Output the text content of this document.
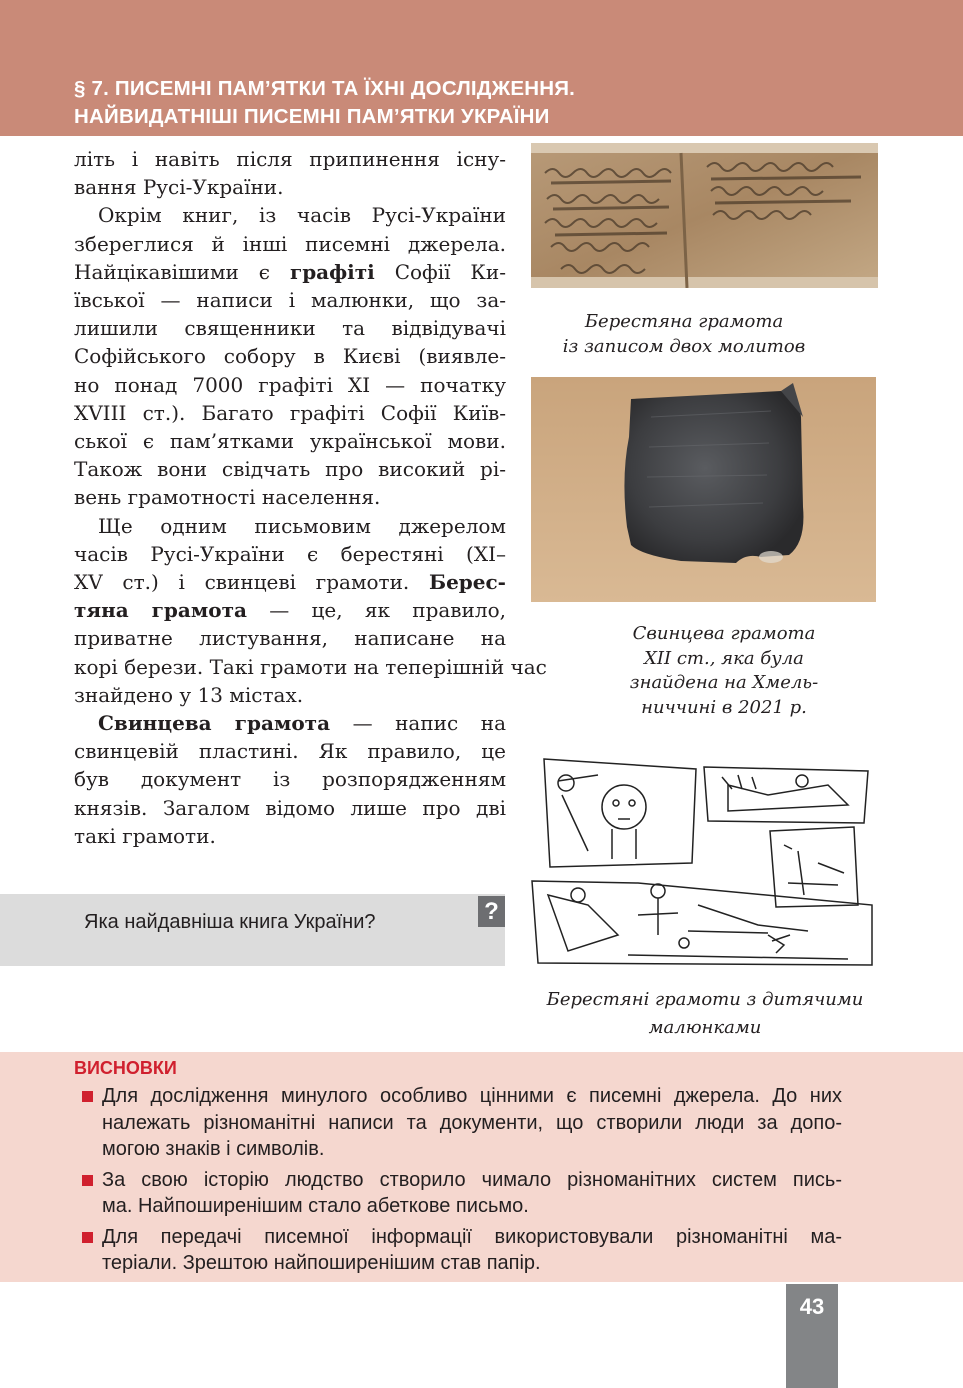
§ 7. ПИСЕМНІ ПАМ’ЯТКИ ТА ЇХНІ ДОСЛІДЖЕННЯ.
НАЙВИДАТНІШІ ПИСЕМНІ ПАМ’ЯТКИ УКРАЇНИ

літь і навіть після припинення існу-
вання Русі-України.

Окрім книг, із часів Русі-України
збереглися й інші писемні джерела.
Найцікавішими є графіті Софії Ки-
ївської — написи і малюнки, що за-
лишили священники та відвідувачі
Софійського собору в Києві (виявле-
но понад 7000 графіті XI — початку
XVIII ст.). Багато графіті Софії Київ-
ської є пам’ятками української мови.
Також вони свідчать про високий рі-
вень грамотності населення.

Ще одним письмовим джерелом
часів Русі-України є берестяні (XI–
XV ст.) і свинцеві грамоти. Берес-
тяна грамота — це, як правило,
приватне листування, написане на
корі берези. Такі грамоти на теперішній час
знайдено у 13 містах.

Свинцева грамота — напис на
свинцевій пластині. Як правило, це
був документ із розпорядженням
князів. Загалом відомо лише про дві
такі грамоти.

Берестяна грамота
із записом двох молитов
Свинцева грамота
XII ст., яка була
знайдена на Хмель-
ниччині в 2021 р.
Берестяні грамоти з дитячими
малюнками
Яка найдавніша книга України?	?
ВИСНОВКИ
Для дослідження минулого особливо цінними є писемні джерела. До них
належать різноманітні написи та документи, що створили люди за допо-
могою знаків і символів.
За свою історію людство створило чимало різноманітних систем пись-
ма. Найпоширенішим стало абеткове письмо.
Для передачі писемної інформації використовували різноманітні ма-
теріали. Зрештою найпоширенішим став папір.
43
